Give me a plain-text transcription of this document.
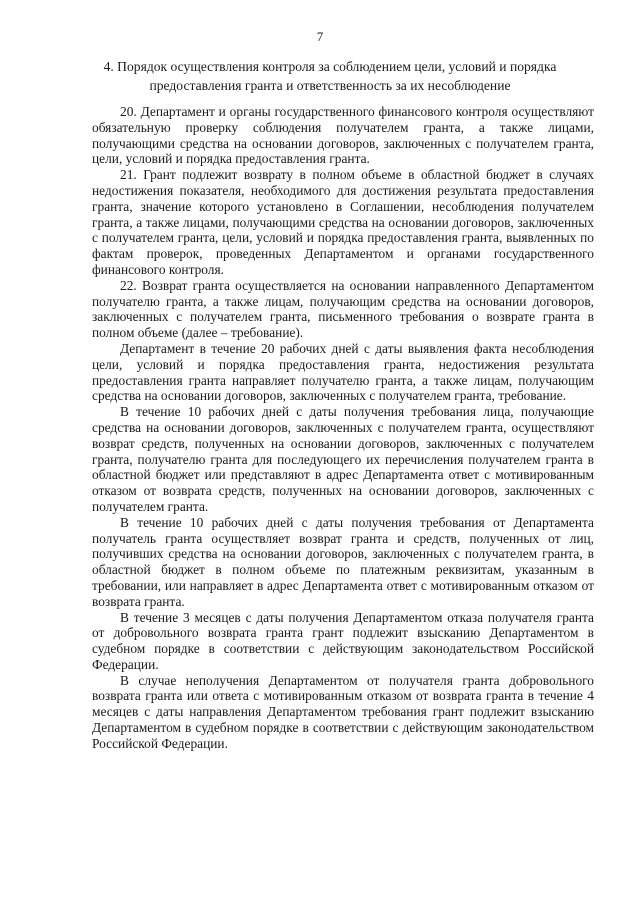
7
4. Порядок осуществления контроля за соблюдением цели, условий и порядка предоставления гранта и ответственность за их несоблюдение

20. Департамент и органы государственного финансового контроля осуществляют обязательную проверку соблюдения получателем гранта, а также лицами, получающими средства на основании договоров, заключенных с получателем гранта, цели, условий и порядка предоставления гранта.

21. Грант подлежит возврату в полном объеме в областной бюджет в случаях недостижения показателя, необходимого для достижения результата предоставления гранта, значение которого установлено в Соглашении, несоблюдения получателем гранта, а также лицами, получающими средства на основании договоров, заключенных с получателем гранта, цели, условий и порядка предоставления гранта, выявленных по фактам проверок, проведенных Департаментом и органами государственного финансового контроля.

22. Возврат гранта осуществляется на основании направленного Департаментом получателю гранта, а также лицам, получающим средства на основании договоров, заключенных с получателем гранта, письменного требования о возврате гранта в полном объеме (далее – требование).

Департамент в течение 20 рабочих дней с даты выявления факта несоблюдения цели, условий и порядка предоставления гранта, недостижения результата предоставления гранта направляет получателю гранта, а также лицам, получающим средства на основании договоров, заключенных с получателем гранта, требование.

В течение 10 рабочих дней с даты получения требования лица, получающие средства на основании договоров, заключенных с получателем гранта, осуществляют возврат средств, полученных на основании договоров, заключенных с получателем гранта, получателю гранта для последующего их перечисления получателем гранта в областной бюджет или представляют в адрес Департамента ответ с мотивированным отказом от возврата средств, полученных на основании договоров, заключенных с получателем гранта.

В течение 10 рабочих дней с даты получения требования от Департамента получатель гранта осуществляет возврат гранта и средств, полученных от лиц, получивших средства на основании договоров, заключенных с получателем гранта, в областной бюджет в полном объеме по платежным реквизитам, указанным в требовании, или направляет в адрес Департамента ответ с мотивированным отказом от возврата гранта.

В течение 3 месяцев с даты получения Департаментом отказа получателя гранта от добровольного возврата гранта грант подлежит взысканию Департаментом в судебном порядке в соответствии с действующим законодательством Российской Федерации.

В случае неполучения Департаментом от получателя гранта добровольного возврата гранта или ответа с мотивированным отказом от возврата гранта в течение 4 месяцев с даты направления Департаментом требования грант подлежит взысканию Департаментом в судебном порядке в соответствии с действующим законодательством Российской Федерации.
